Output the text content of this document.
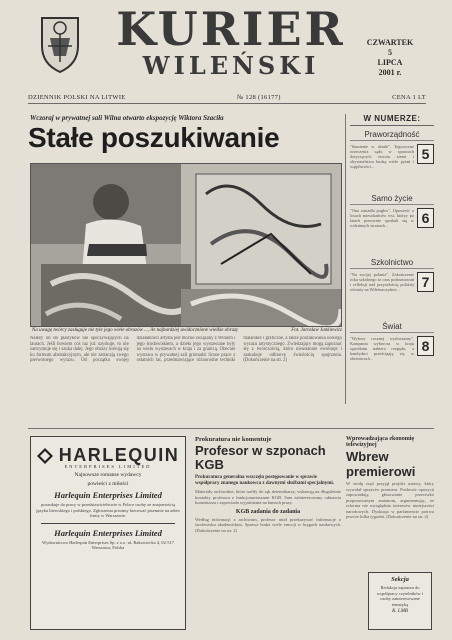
KURIER
WILEŃSKI
CZWARTEK
5
LIPCA
2001 r.
DZIENNIK POLSKI NA LITWIE	№ 128 (16177)	CENA 1 LT
Wczoraj w prywatnej sali Wilna otwarto ekspozycję Wiktora Szaciła
Stałe poszukiwanie
Na uwagę twórcy zasługuje nie tyle jego wiele obrazów ..., ile najbardziej uwidocznione wielkie obrazy	Fot. Jarosław Jankiewicz
Należy on do plastyków nie spoczywających na laurach. Jeśli bowiem coś raz już uzyskuje, to nie zatrzymuje się i szuka dalej. Jego obrazy kierują się ku formom abstrakcyjnym, ale nie zatracają swego pierwotnego wyrazu. Od początku swojej działalności artysta jest mocno związany z Wilnem i jego środowiskiem, a dzieła jego wystawiane były na wielu wystawach w kraju i za granicą. Obecnie wystawa w prywatnej sali gromadzi liczne prace z ostatnich lat, przedstawiające różnorodne techniki malarskie i graficzne, a także poszukiwania nowego wyrazu artystycznego. Zwiedzający mogą zapoznać się z twórczością, która nieustannie ewoluuje i zaskakuje odbiorcę świeżością spojrzenia. (Dokończenie na str. 2)
W NUMERZE:
Praworządność
"Sumienie w dziale". Tegoroczne orzeczenia sądu w sprawach dotyczących zwrotu ziemi i obywatelstwa budzą wiele pytań i wątpliwości...
5
Samo życie
"Ona zasiadła pogłos". Opowieść o losach mieszkańców wsi, którzy po latach ponownie spotkali się w rodzinnych stronach...	6
Szkolnictwo
"Na swojej polanie". Zakończenie roku szkolnego to czas podsumowań i refleksji nad przyszłością polskiej oświaty na Wileńszczyźnie...	7
Świat
"Wybory rocznej wytłoczarny". Kampania wyborcza w kraju sąsiednim nabiera rozpędu, a kandydaci prześcigają się w obietnicach...
8
HARLEQUIN
ENTERPRISES LIMITED
Najnowsze romanse wydawcy
powieści z miłości
Harlequin Enterprises Limited
poszukuje do pracy w przedstawicielstwie w Polsce osoby ze znajomością języka litewskiego i polskiego. Zgłoszenia prosimy kierować pisemnie na adres firmy w Warszawie.
Harlequin Enterprises Limited
Wydawnictwo Harlequin Enterprises Sp. z o.o. ul. Rakowiecka 4, 02-517 Warszawa, Polska
Prokuratura nie komentuje
Profesor w szponach KGB
Prokuratura generalna wszczęła postępowanie w sprawie współpracy znanego naukowca z dawnymi służbami specjalnymi.
Materiały archiwalne, które trafiły do rąk dziennikarzy, wskazują na długoletnie kontakty profesora z funkcjonariuszami KGB. Sam zainteresowany odmawia komentarza i zapowiada wyjaśnienia na łamach prasy.
KGB zadania do zadania
Według informacji z archiwum, profesor miał przekazywać informacje o środowisku akademickim. Sprawa budzi wiele emocji w kręgach naukowych. (Dokończenie na str. 2)
Wprowadzająca ekonomię telewizyjnej
Wbrew premierowi
W środę rząd przyjął projekt ustawy, który wywołał sprzeciw premiera. Posłowie opozycji zapowiadają głosowanie przeciwko proponowanym zmianom, argumentując, że reforma nie uwzględnia interesów mniejszości narodowych. Dyskusja w parlamencie potrwa jeszcze kilka tygodni. (Dokończenie na str. 2)
Sekcja
Redakcja zaprasza do współpracy czytelników i osoby zainteresowane tematyką
K. LMB
